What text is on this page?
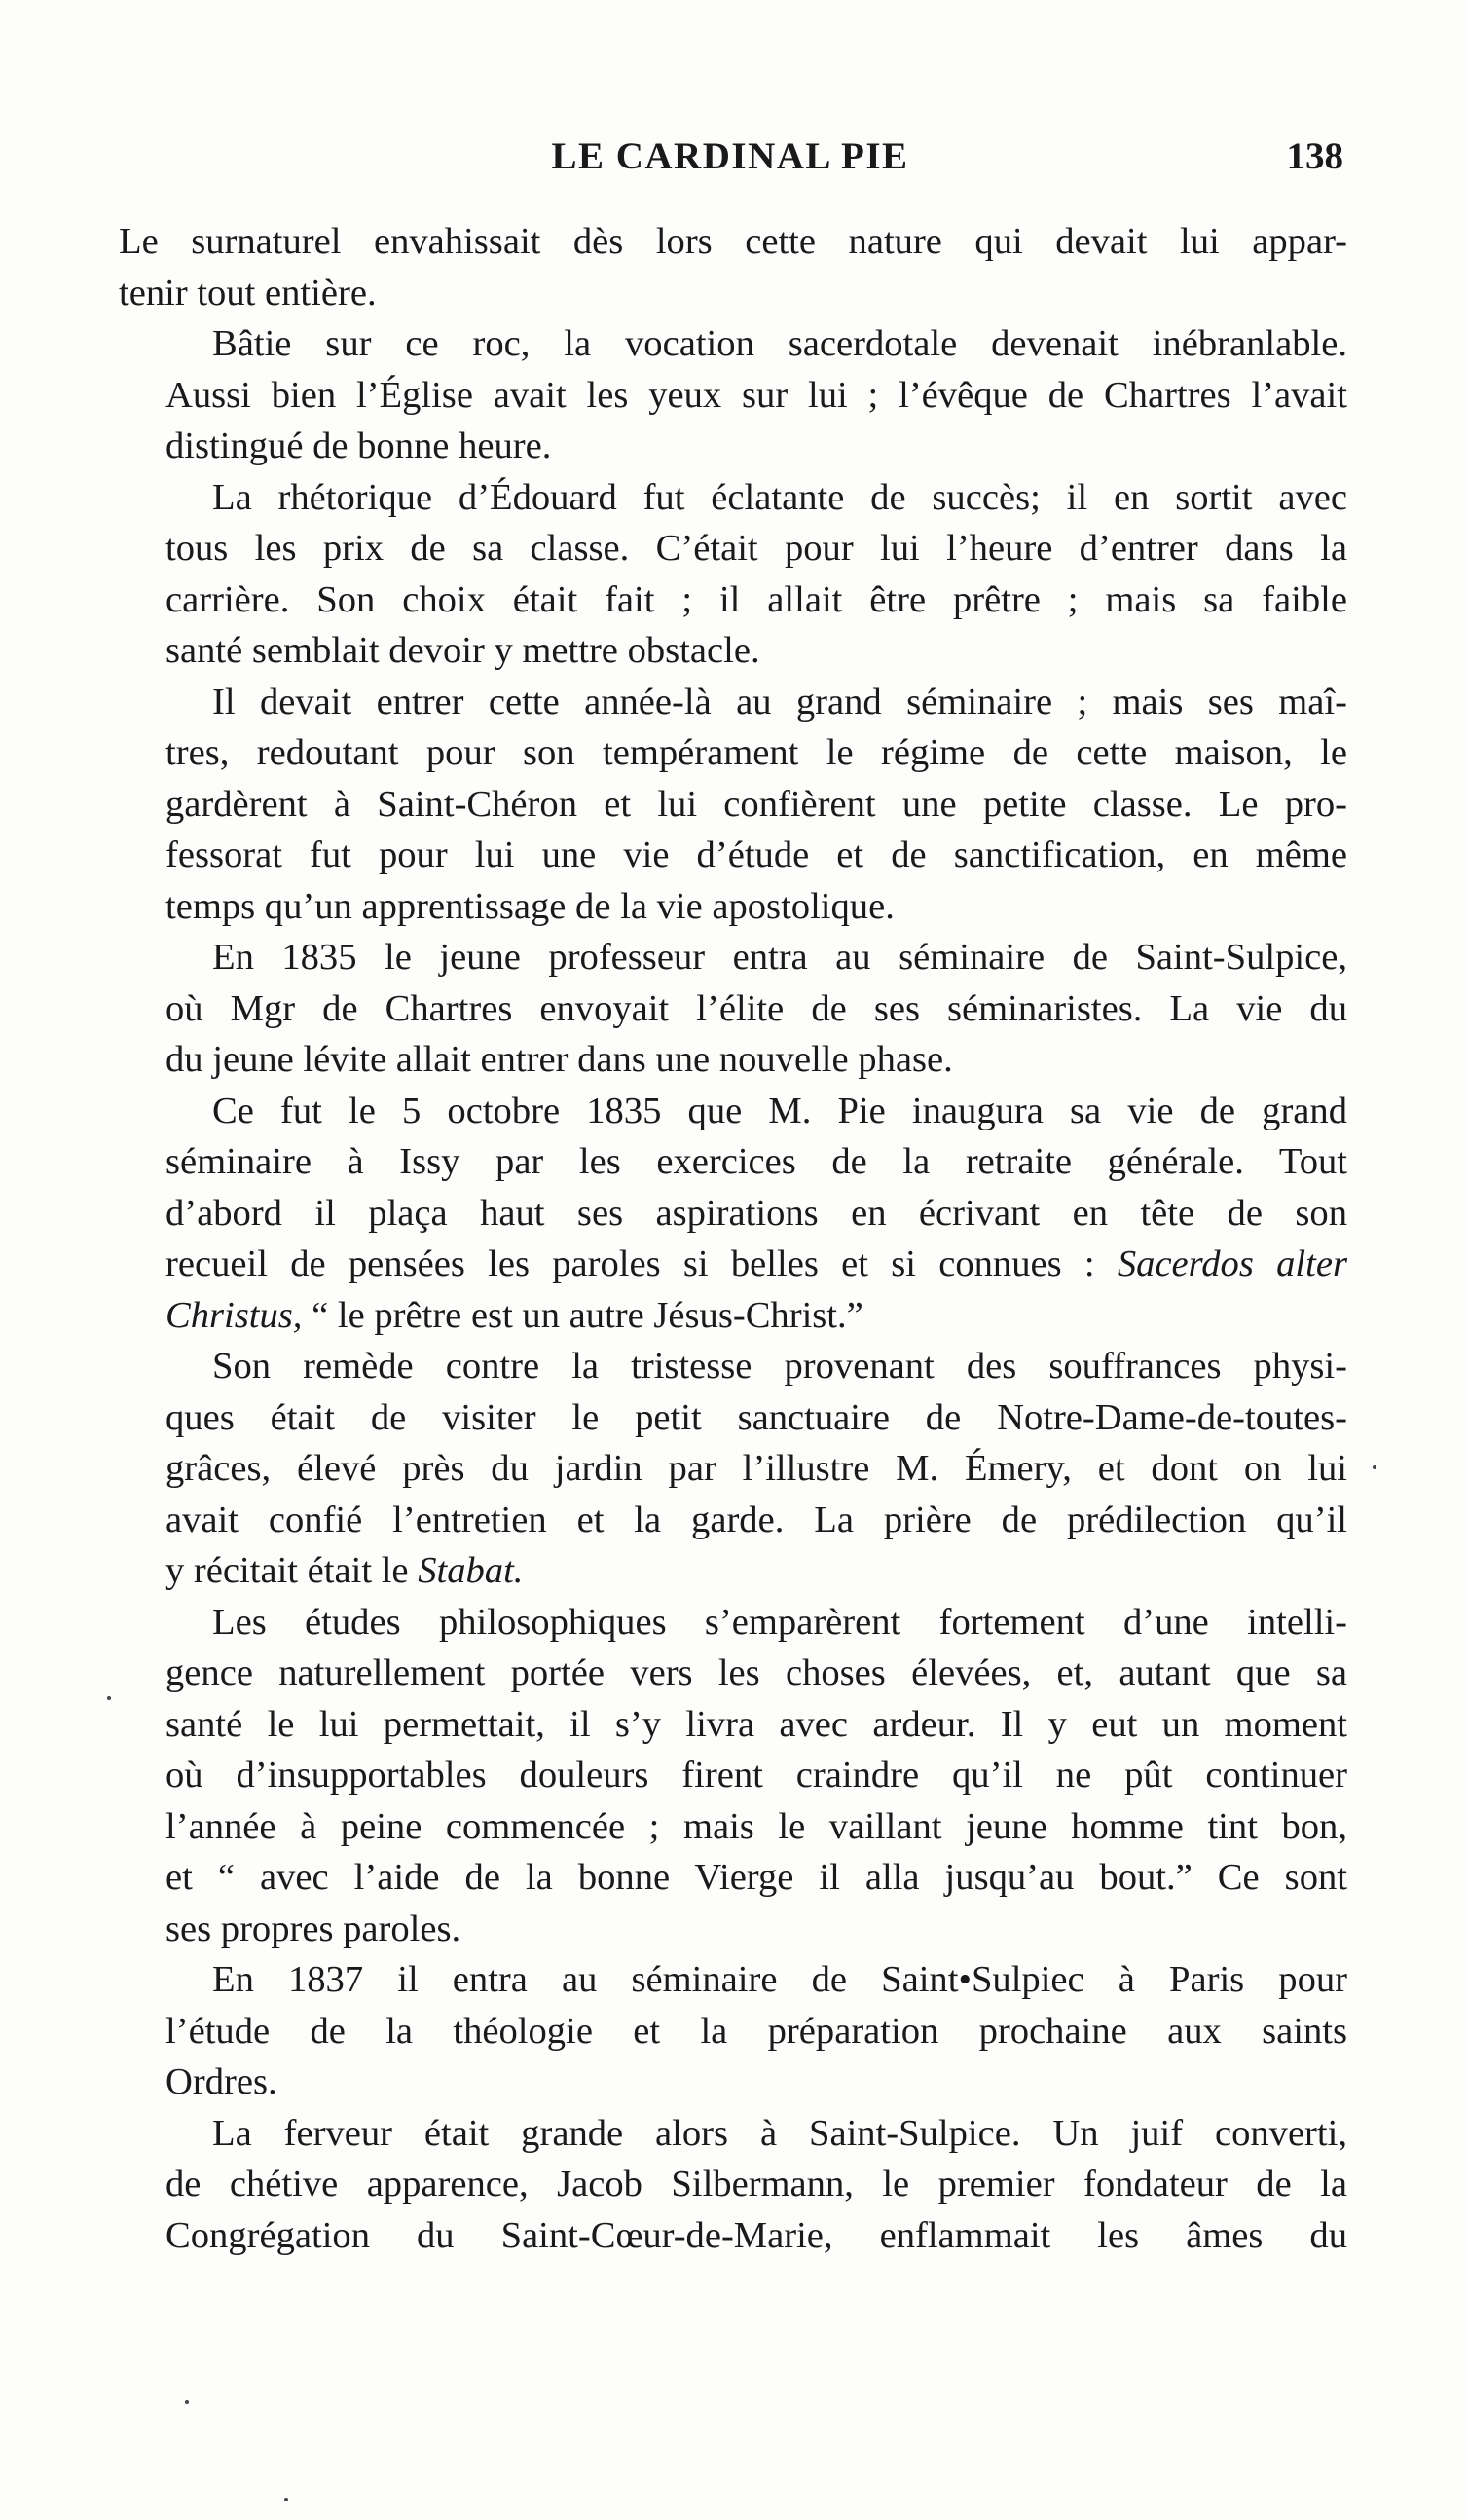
LE CARDINAL PIE	138

Le surnaturel envahissait dès lors cette nature qui devait lui appar-
tenir tout entière.

Bâtie sur ce roc, la vocation sacerdotale devenait inébranlable.
Aussi bien l’Église avait les yeux sur lui ; l’évêque de Chartres l’avait
distingué de bonne heure.

La rhétorique d’Édouard fut éclatante de succès; il en sortit avec
tous les prix de sa classe. C’était pour lui l’heure d’entrer dans la
carrière. Son choix était fait ; il allait être prêtre ; mais sa faible
santé semblait devoir y mettre obstacle.

Il devait entrer cette année-là au grand séminaire ; mais ses maî-
tres, redoutant pour son tempérament le régime de cette maison, le
gardèrent à Saint-Chéron et lui confièrent une petite classe. Le pro-
fessorat fut pour lui une vie d’étude et de sanctification, en même
temps qu’un apprentissage de la vie apostolique.

En 1835 le jeune professeur entra au séminaire de Saint-Sulpice,
où Mgr de Chartres envoyait l’élite de ses séminaristes. La vie du
du jeune lévite allait entrer dans une nouvelle phase.

Ce fut le 5 octobre 1835 que M. Pie inaugura sa vie de grand
séminaire à Issy par les exercices de la retraite générale. Tout
d’abord il plaça haut ses aspirations en écrivant en tête de son
recueil de pensées les paroles si belles et si connues : Sacerdos alter
Christus, “ le prêtre est un autre Jésus-Christ.”

Son remède contre la tristesse provenant des souffrances physi-
ques était de visiter le petit sanctuaire de Notre-Dame-de-toutes-
grâces, élevé près du jardin par l’illustre M. Émery, et dont on lui
avait confié l’entretien et la garde. La prière de prédilection qu’il
y récitait était le Stabat.

Les études philosophiques s’emparèrent fortement d’une intelli-
gence naturellement portée vers les choses élevées, et, autant que sa
santé le lui permettait, il s’y livra avec ardeur. Il y eut un moment
où d’insupportables douleurs firent craindre qu’il ne pût continuer
l’année à peine commencée ; mais le vaillant jeune homme tint bon,
et “ avec l’aide de la bonne Vierge il alla jusqu’au bout.” Ce sont
ses propres paroles.

En 1837 il entra au séminaire de Saint•Sulpiec à Paris pour
l’étude de la théologie et la préparation prochaine aux saints
Ordres.

La ferveur était grande alors à Saint-Sulpice. Un juif converti,
de chétive apparence, Jacob Silbermann, le premier fondateur de la
Congrégation du Saint-Cœur-de-Marie, enflammait les âmes du
